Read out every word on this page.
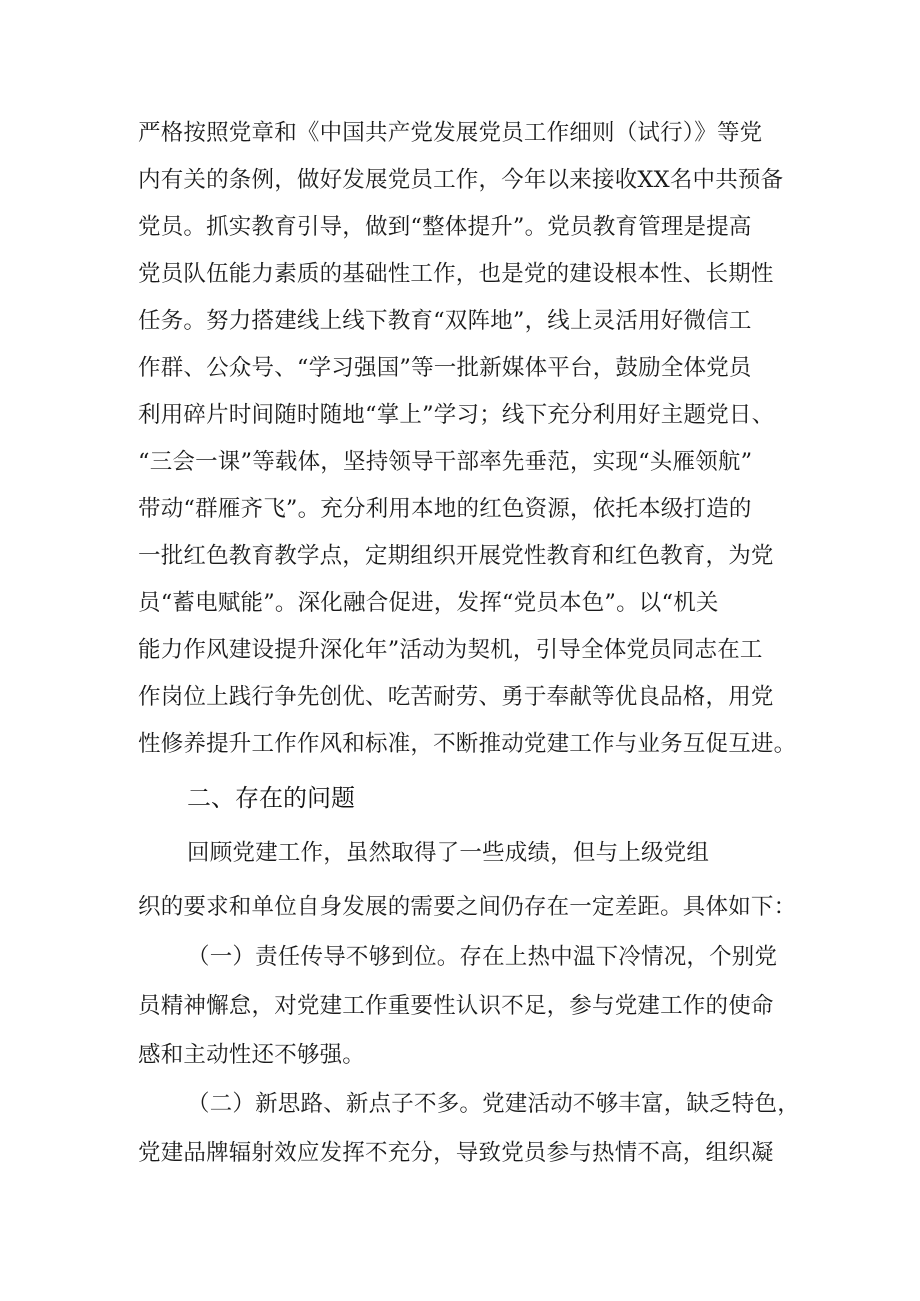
严格按照党章和《中国共产党发展党员工作细则（试行）》等党
内有关的条例，做好发展党员工作，今年以来接收XX名中共预备
党员。抓实教育引导，做到“整体提升”。党员教育管理是提高
党员队伍能力素质的基础性工作，也是党的建设根本性、长期性
任务。努力搭建线上线下教育“双阵地”，线上灵活用好微信工
作群、公众号、“学习强国”等一批新媒体平台，鼓励全体党员
利用碎片时间随时随地“掌上”学习；线下充分利用好主题党日、
“三会一课”等载体，坚持领导干部率先垂范，实现“头雁领航”
带动“群雁齐飞”。充分利用本地的红色资源，依托本级打造的
一批红色教育教学点，定期组织开展党性教育和红色教育，为党
员“蓄电赋能”。深化融合促进，发挥“党员本色”。以“机关
能力作风建设提升深化年”活动为契机，引导全体党员同志在工
作岗位上践行争先创优、吃苦耐劳、勇于奉献等优良品格，用党
性修养提升工作作风和标准，不断推动党建工作与业务互促互进。
二、存在的问题
回顾党建工作，虽然取得了一些成绩，但与上级党组
织的要求和单位自身发展的需要之间仍存在一定差距。具体如下：
（一）责任传导不够到位。存在上热中温下冷情况，个别党
员精神懈怠，对党建工作重要性认识不足，参与党建工作的使命
感和主动性还不够强。
（二）新思路、新点子不多。党建活动不够丰富，缺乏特色，
党建品牌辐射效应发挥不充分，导致党员参与热情不高，组织凝
